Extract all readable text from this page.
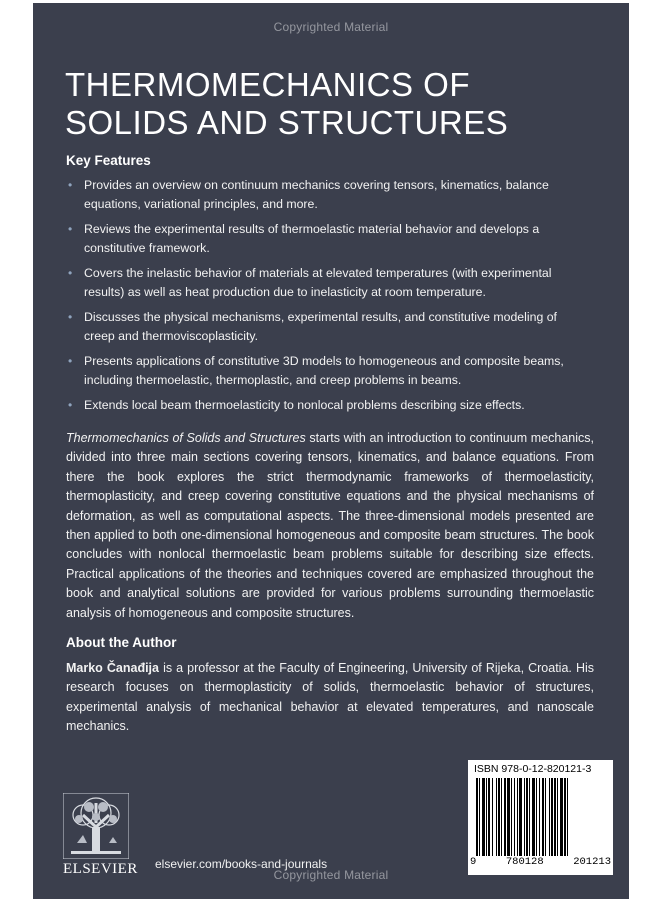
Copyrighted Material
THERMOMECHANICS OF
SOLIDS AND STRUCTURES
Key Features
• Provides an overview on continuum mechanics covering tensors, kinematics, balance
equations, variational principles, and more.
• Reviews the experimental results of thermoelastic material behavior and develops a
constitutive framework.
• Covers the inelastic behavior of materials at elevated temperatures (with experimental
results) as well as heat production due to inelasticity at room temperature.
• Discusses the physical mechanisms, experimental results, and constitutive modeling of
creep and thermoviscoplasticity.
• Presents applications of constitutive 3D models to homogeneous and composite beams,
including thermoelastic, thermoplastic, and creep problems in beams.
• Extends local beam thermoelasticity to nonlocal problems describing size effects.

Thermomechanics of Solids and Structures starts with an introduction to continuum mechanics, divided into three main sections covering tensors, kinematics, and balance equations. From there the book explores the strict thermodynamic frameworks of thermoelasticity, thermoplasticity, and creep covering constitutive equations and the physical mechanisms of deformation, as well as computational aspects. The three-dimensional models presented are then applied to both one-dimensional homogeneous and composite beam structures. The book concludes with nonlocal thermoelastic beam problems suitable for describing size effects. Practical applications of the theories and techniques covered are emphasized throughout the book and analytical solutions are provided for various problems surrounding thermoelastic analysis of homogeneous and composite structures.

About the Author

Marko Čanađija is a professor at the Faculty of Engineering, University of Rijeka, Croatia. His research focuses on thermoplasticity of solids, thermoelastic behavior of structures, experimental analysis of mechanical behavior at elevated temperatures, and nanoscale mechanics.

ELSEVIER elsevier.com/books-and-journals
ISBN 978-0-12-820121-3
9	780128	201213
Copyrighted Material
